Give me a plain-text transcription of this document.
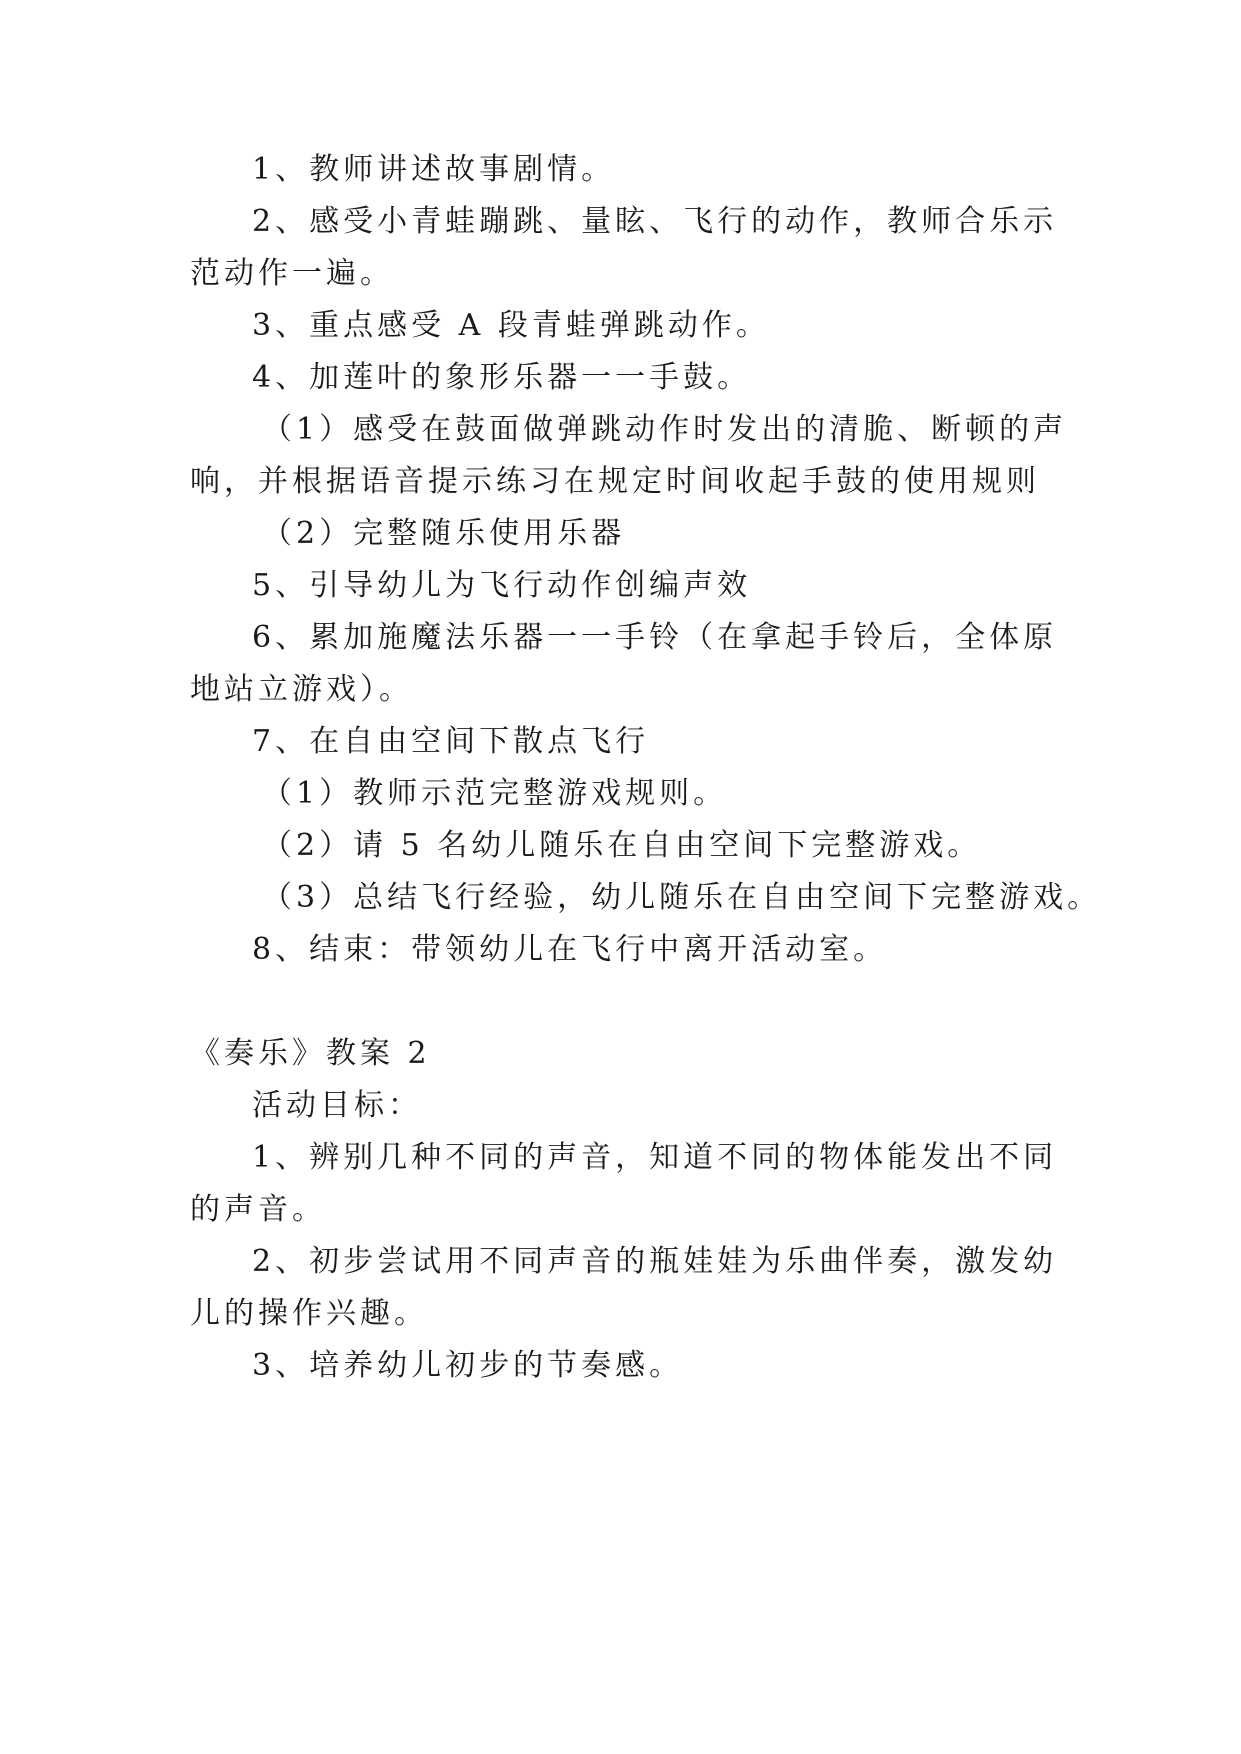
1、教师讲述故事剧情。
2、感受小青蛙蹦跳、量眩、飞行的动作，教师合乐示
范动作一遍。
3、重点感受 A 段青蛙弹跳动作。
4、加莲叶的象形乐器一一手鼓。
（1）感受在鼓面做弹跳动作时发出的清脆、断顿的声
响，并根据语音提示练习在规定时间收起手鼓的使用规则
（2）完整随乐使用乐器
5、引导幼儿为飞行动作创编声效
6、累加施魔法乐器一一手铃（在拿起手铃后，全体原
地站立游戏）。
7、在自由空间下散点飞行
（1）教师示范完整游戏规则。
（2）请 5 名幼儿随乐在自由空间下完整游戏。
（3）总结飞行经验，幼儿随乐在自由空间下完整游戏。
8、结束：带领幼儿在飞行中离开活动室。
《奏乐》教案 2
活动目标：
1、辨别几种不同的声音，知道不同的物体能发出不同
的声音。
2、初步尝试用不同声音的瓶娃娃为乐曲伴奏，激发幼
儿的操作兴趣。
3、培养幼儿初步的节奏感。
